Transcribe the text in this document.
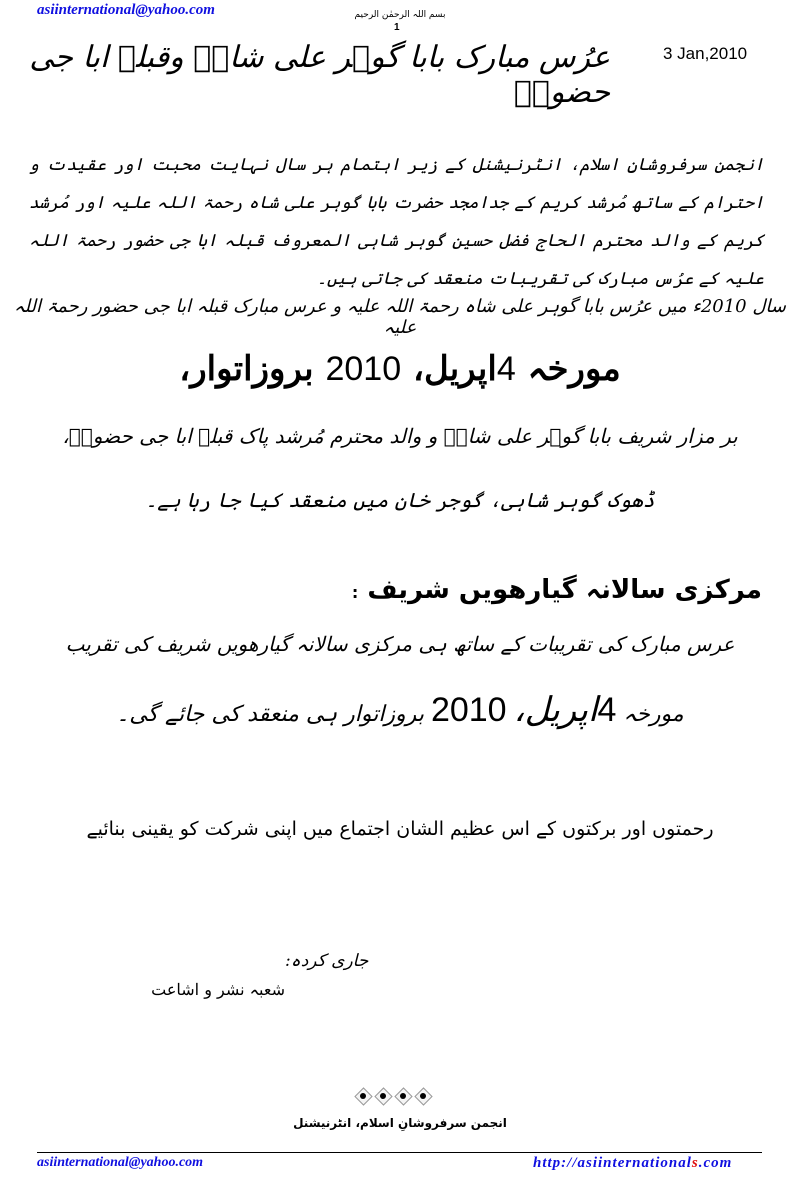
asiinternational@yahoo.com	بسم اللہ الرحمٰن الرحیم
1
عرُس مبارک بابا گوہر علی شاہؒ وقبلہ ابا جی حضورؒ
3 Jan,2010
انجمن سرفروشانِ اسلام، انٹرنیشنل کے زیر اہتمام ہر سال نہایت محبت اور عقیدت و احترام کے ساتھ مُرشد کریم کے جدامجد حضرت بابا گوہر علی شاہ رحمۃ اللہ علیہ اور مُرشد کریم کے والد محترم الحاج فضل حسین گوہر شاہی المعروف قبلہ ابا جی حضور رحمۃ اللہ علیہ کے عرُس مبارک کی تقریبات منعقد کی جاتی ہیں۔
سال 2010ء میں عرُس بابا گوہر علی شاہ رحمۃ اللہ علیہ و عرس مبارک قبلہ ابا جی حضور رحمۃ اللہ علیہ
مورخہ 4اپریل، 2010 بروزاتوار،
بر مزار شریف بابا گوہر علی شاہؒ و والد محترم مُرشد پاک قبلہ ابا جی حضورؒ،
ڈھوک گوہر شاہی، گوجر خان میں منعقد کیا جا رہا ہے۔
مرکزی سالانہ گیارھویں شریف :
عرس مبارک کی تقریبات کے ساتھ ہی مرکزی سالانہ گیارھویں شریف کی تقریب
مورخہ 4اپریل، 2010 بروزاتوار ہی منعقد کی جائے گی۔
رحمتوں اور برکتوں کے اس عظیم الشان اجتماع میں اپنی شرکت کو یقینی بنائیے
جاری کردہ:
شعبہ نشر و اشاعت
انجمن سرفروشانِ اسلام، انٹرنیشنل
asiinternational@yahoo.com	http://asiinternationals.com
